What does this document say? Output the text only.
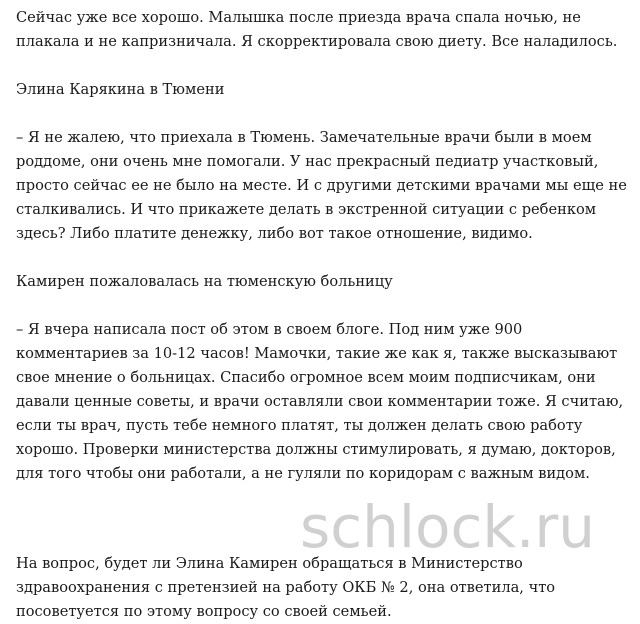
schlock.ru

Сейчас уже все хорошо. Малышка после приезда врача спала ночью, не плакала и не капризничала. Я скорректировала свою диету. Все наладилось.

Элина Карякина в Тюмени

– Я не жалею, что приехала в Тюмень. Замечательные врачи были в моем роддоме, они очень мне помогали. У нас прекрасный педиатр участковый, просто сейчас ее не было на месте. И с другими детскими врачами мы еще не сталкивались. И что прикажете делать в экстренной ситуации с ребенком здесь? Либо платите денежку, либо вот такое отношение, видимо.

Камирен пожаловалась на тюменскую больницу

– Я вчера написала пост об этом в своем блоге. Под ним уже 900 комментариев за 10-12 часов! Мамочки, такие же как я, также высказывают свое мнение о больницах. Спасибо огромное всем моим подписчикам, они давали ценные советы, и врачи оставляли свои комментарии тоже. Я считаю, если ты врач, пусть тебе немного платят, ты должен делать свою работу хорошо. Проверки министерства должны стимулировать, я думаю, докторов, для того чтобы они работали, а не гуляли по коридорам с важным видом.

На вопрос, будет ли Элина Камирен обращаться в Министерство здравоохранения с претензией на работу ОКБ № 2, она ответила, что посоветуется по этому вопросу со своей семьей.
